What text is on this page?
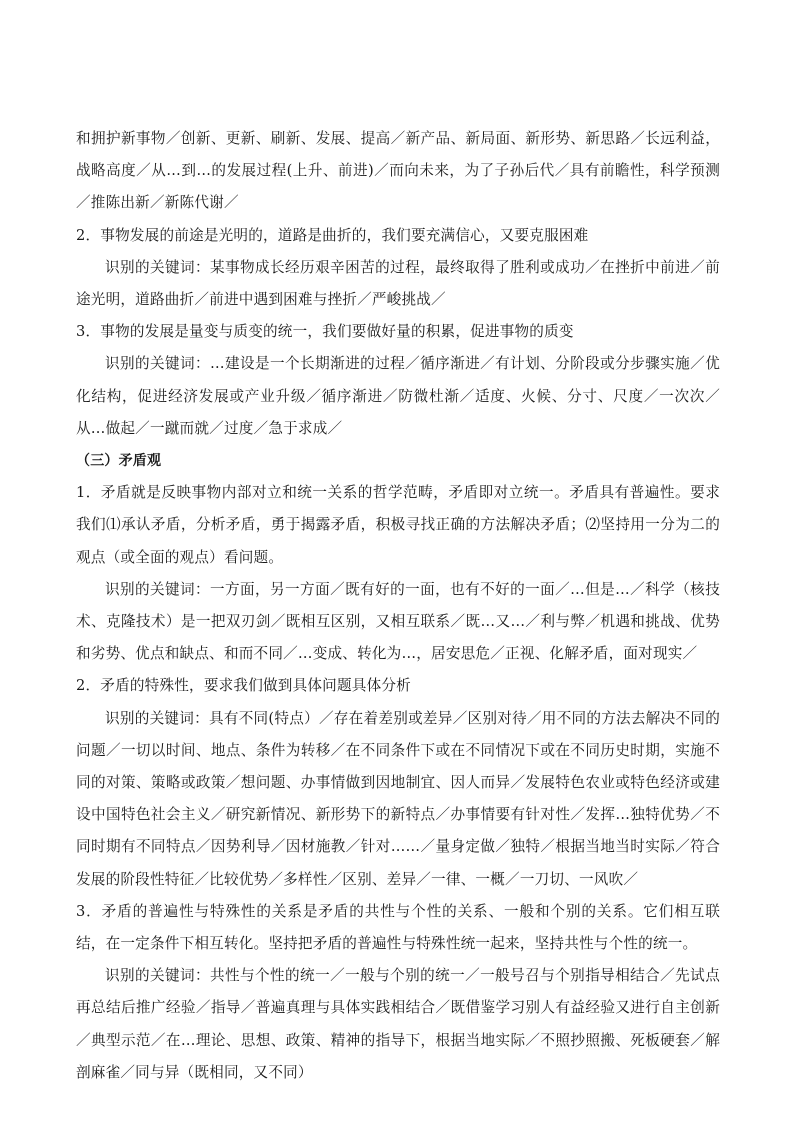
和拥护新事物／创新、更新、刷新、发展、提高／新产品、新局面、新形势、新思路／长远利益，战略高度／从…到…的发展过程(上升、前进)／而向未来，为了子孙后代／具有前瞻性，科学预测／推陈出新／新陈代谢／

2．事物发展的前途是光明的，道路是曲折的，我们要充满信心，又要克服困难

识别的关键词：某事物成长经历艰辛困苦的过程，最终取得了胜利或成功／在挫折中前进／前途光明，道路曲折／前进中遇到困难与挫折／严峻挑战／

3．事物的发展是量变与质变的统一，我们要做好量的积累，促进事物的质变

识别的关键词：…建设是一个长期渐进的过程／循序渐进／有计划、分阶段或分步骤实施／优化结构，促进经济发展或产业升级／循序渐进／防微杜渐／适度、火候、分寸、尺度／一次次／从…做起／一蹴而就／过度／急于求成／

（三）矛盾观

1．矛盾就是反映事物内部对立和统一关系的哲学范畴，矛盾即对立统一。矛盾具有普遍性。要求我们⑴承认矛盾，分析矛盾，勇于揭露矛盾，积极寻找正确的方法解决矛盾；⑵坚持用一分为二的观点（或全面的观点）看问题。

识别的关键词：一方面，另一方面／既有好的一面，也有不好的一面／…但是…／科学（核技术、克隆技术）是一把双刃剑／既相互区别，又相互联系／既…又…／利与弊／机遇和挑战、优势和劣势、优点和缺点、和而不同／…变成、转化为…，居安思危／正视、化解矛盾，面对现实／

2．矛盾的特殊性，要求我们做到具体问题具体分析

识别的关键词：具有不同(特点）／存在着差别或差异／区别对待／用不同的方法去解决不同的问题／一切以时间、地点、条件为转移／在不同条件下或在不同情况下或在不同历史时期，实施不同的对策、策略或政策／想问题、办事情做到因地制宜、因人而异／发展特色农业或特色经济或建设中国特色社会主义／研究新情况、新形势下的新特点／办事情要有针对性／发挥…独特优势／不同时期有不同特点／因势利导／因材施教／针对……／量身定做／独特／根据当地当时实际／符合发展的阶段性特征／比较优势／多样性／区别、差异／一律、一概／一刀切、一风吹／

3．矛盾的普遍性与特殊性的关系是矛盾的共性与个性的关系、一般和个别的关系。它们相互联结，在一定条件下相互转化。坚持把矛盾的普遍性与特殊性统一起来，坚持共性与个性的统一。

识别的关键词：共性与个性的统一／一般与个别的统一／一般号召与个别指导相结合／先试点再总结后推广经验／指导／普遍真理与具体实践相结合／既借鉴学习别人有益经验又进行自主创新／典型示范／在…理论、思想、政策、精神的指导下，根据当地实际／不照抄照搬、死板硬套／解剖麻雀／同与异（既相同，又不同）
